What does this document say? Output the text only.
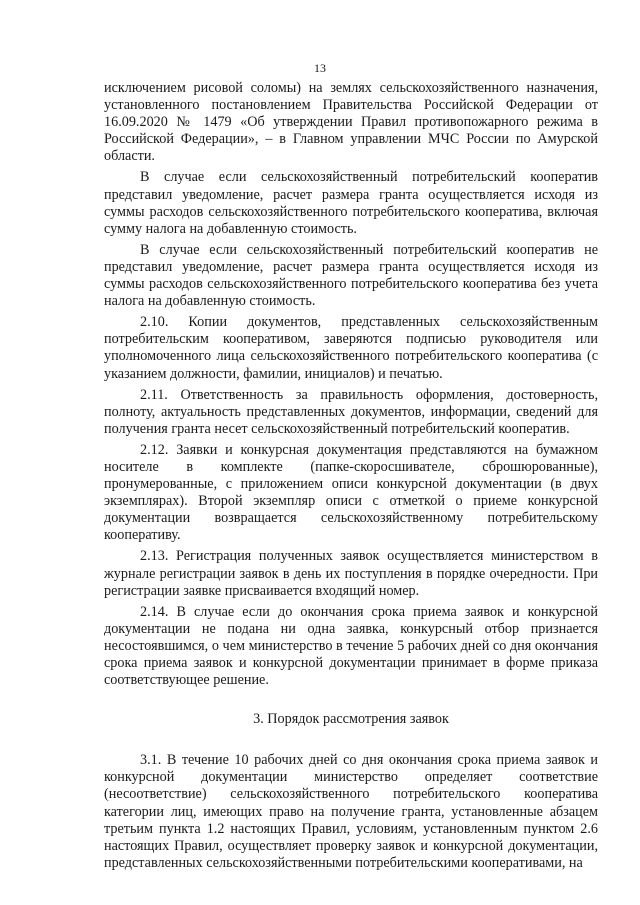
13

исключением рисовой соломы) на землях сельскохозяйственного назначения, установленного постановлением Правительства Российской Федерации от 16.09.2020 № 1479 «Об утверждении Правил противопожарного режима в Российской Федерации», – в Главном управлении МЧС России по Амурской области.

В случае если сельскохозяйственный потребительский кооператив представил уведомление, расчет размера гранта осуществляется исходя из суммы расходов сельскохозяйственного потребительского кооператива, включая сумму налога на добавленную стоимость.

В случае если сельскохозяйственный потребительский кооператив не представил уведомление, расчет размера гранта осуществляется исходя из суммы расходов сельскохозяйственного потребительского кооператива без учета налога на добавленную стоимость.

2.10. Копии документов, представленных сельскохозяйственным потребительским кооперативом, заверяются подписью руководителя или уполномоченного лица сельскохозяйственного потребительского кооператива (с указанием должности, фамилии, инициалов) и печатью.

2.11. Ответственность за правильность оформления, достоверность, полноту, актуальность представленных документов, информации, сведений для получения гранта несет сельскохозяйственный потребительский кооператив.

2.12. Заявки и конкурсная документация представляются на бумажном носителе в комплекте (папке-скоросшивателе, сброшюрованные), пронумерованные, с приложением описи конкурсной документации (в двух экземплярах). Второй экземпляр описи с отметкой о приеме конкурсной документации возвращается сельскохозяйственному потребительскому кооперативу.

2.13. Регистрация полученных заявок осуществляется министерством в журнале регистрации заявок в день их поступления в порядке очередности. При регистрации заявке присваивается входящий номер.

2.14. В случае если до окончания срока приема заявок и конкурсной документации не подана ни одна заявка, конкурсный отбор признается несостоявшимся, о чем министерство в течение 5 рабочих дней со дня окончания срока приема заявок и конкурсной документации принимает в форме приказа соответствующее решение.

3. Порядок рассмотрения заявок

3.1. В течение 10 рабочих дней со дня окончания срока приема заявок и конкурсной документации министерство определяет соответствие (несоответствие) сельскохозяйственного потребительского кооператива категории лиц, имеющих право на получение гранта, установленные абзацем третьим пункта 1.2 настоящих Правил, условиям, установленным пунктом 2.6 настоящих Правил, осуществляет проверку заявок и конкурсной документации, представленных сельскохозяйственными потребительскими кооперативами, на
